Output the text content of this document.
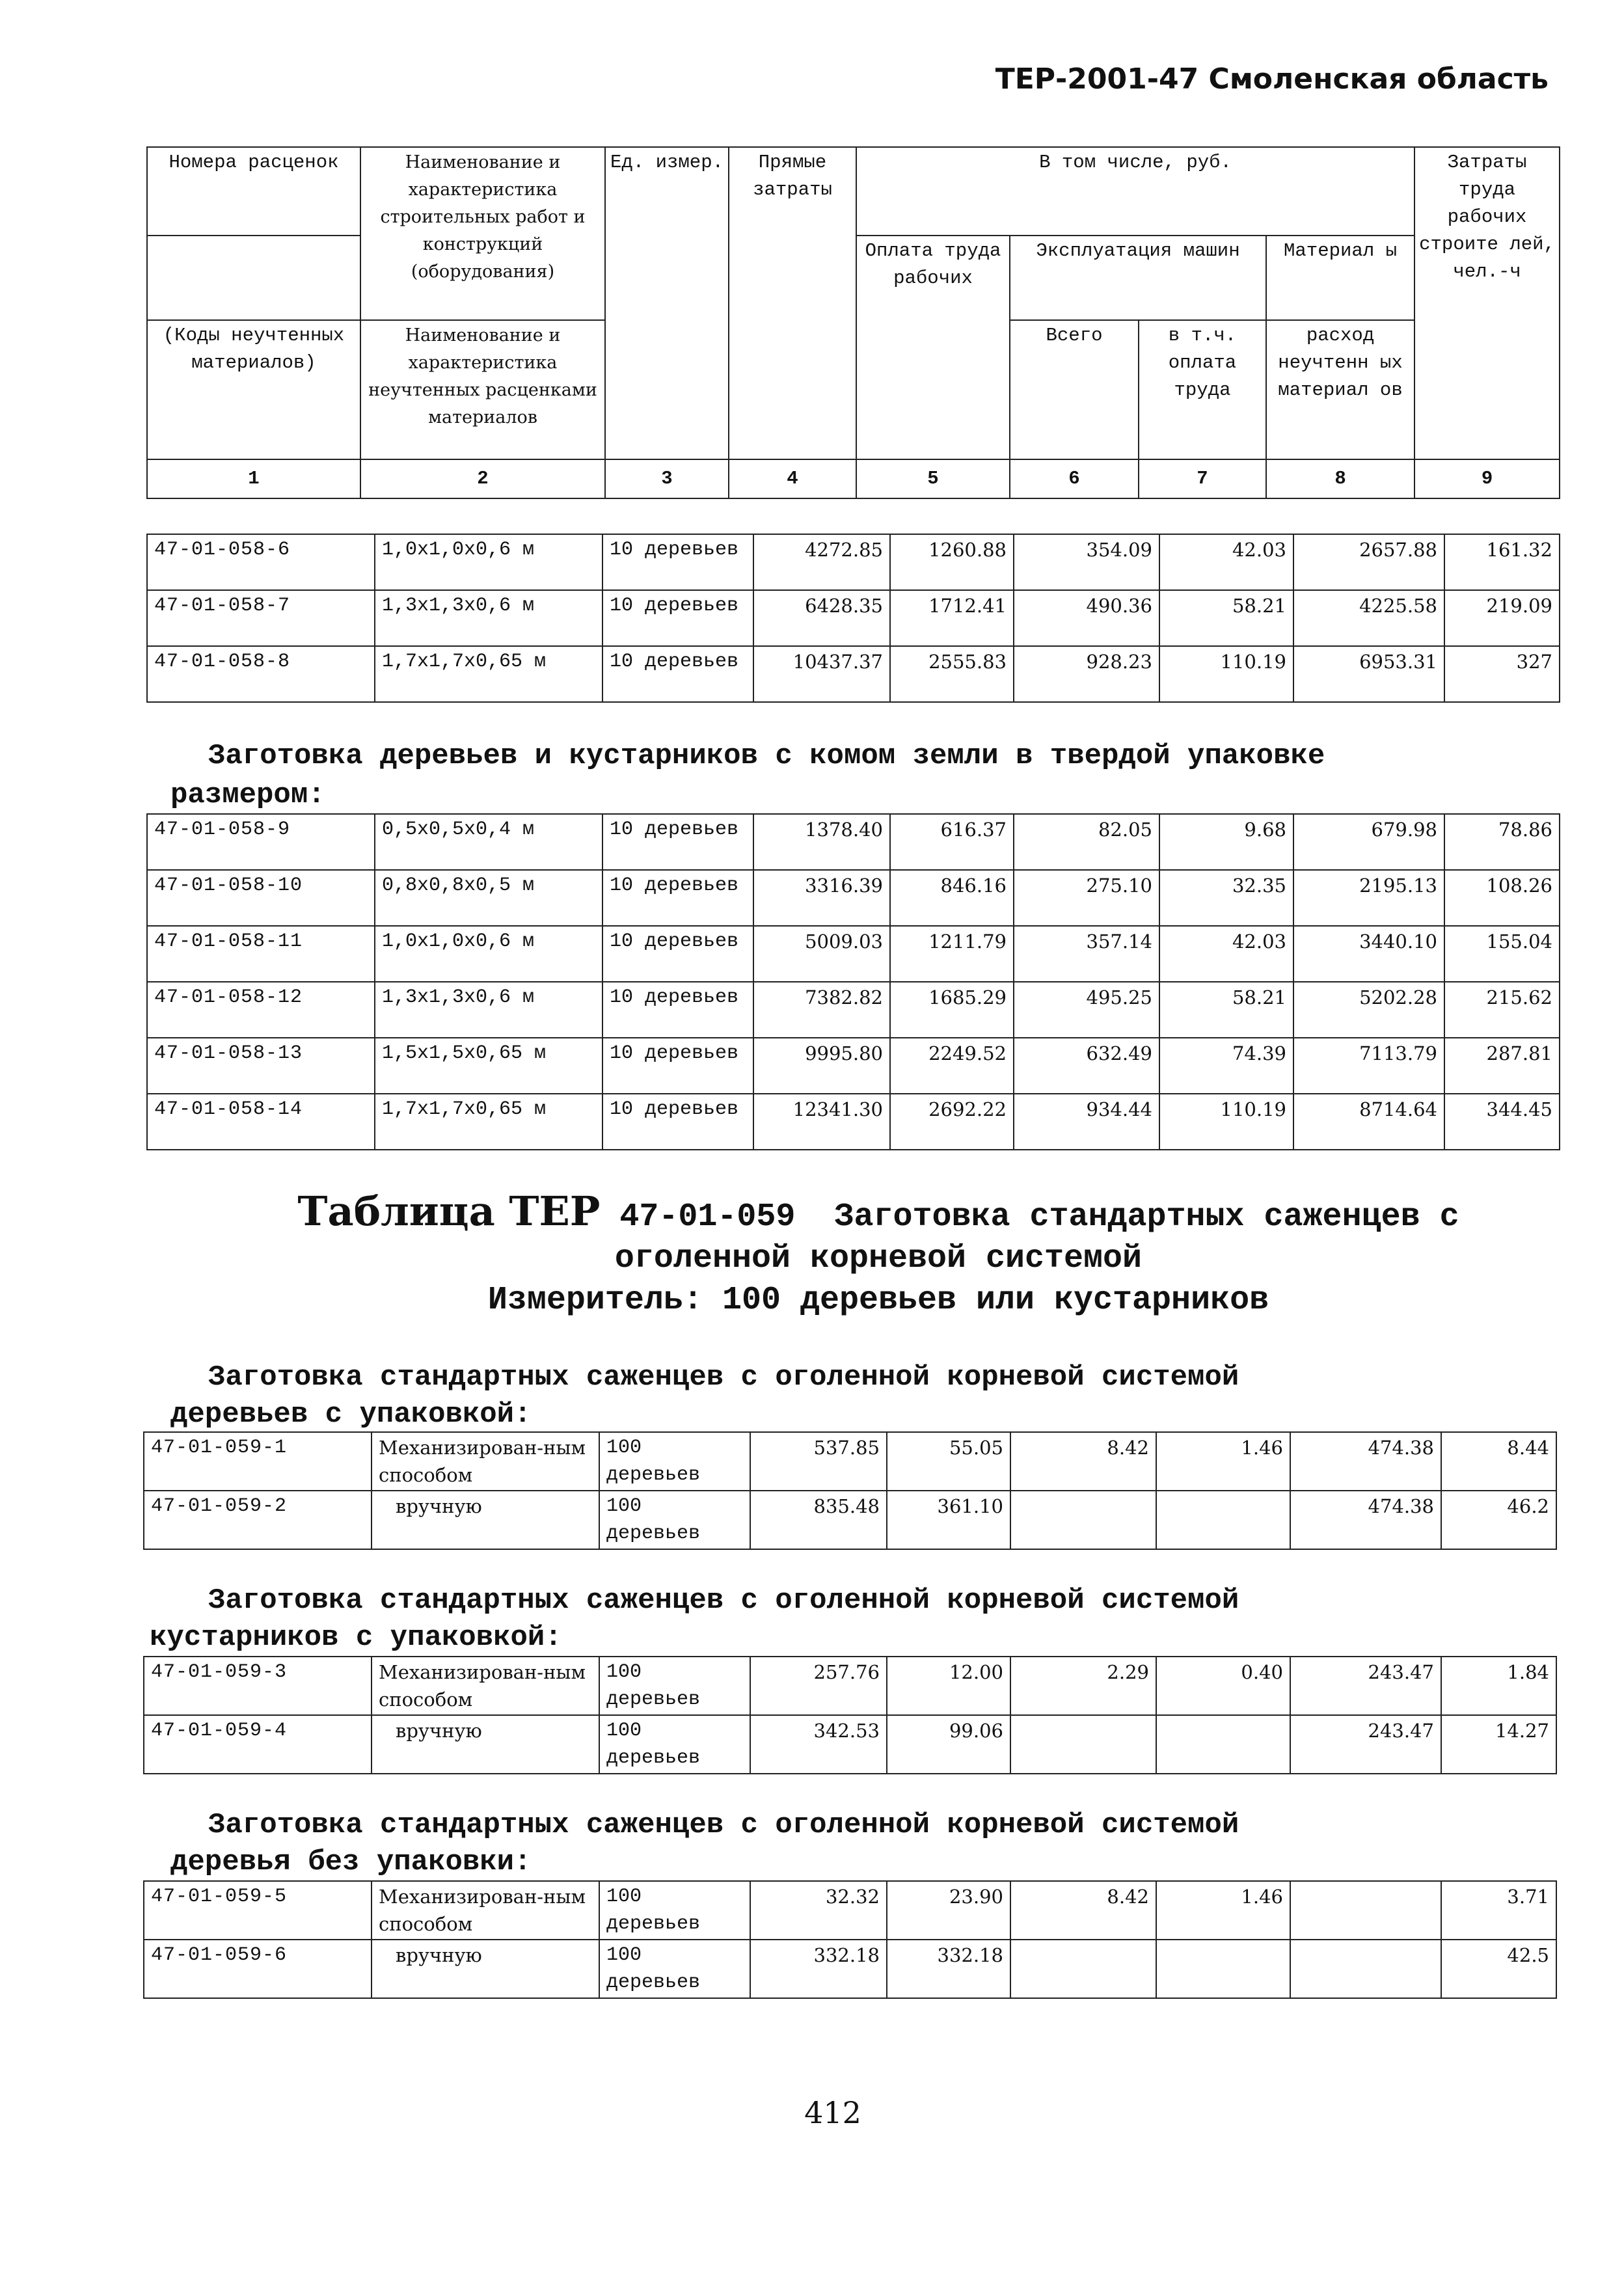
ТЕР-2001-47 Смоленская область
Номера расценок	Наименование и характеристика строительных работ и конструкций (оборудования)	Ед. измер.	Прямые затраты	В том числе, руб.				Затраты труда рабочих строите лей, чел.-ч
				Оплата труда рабочих	Эксплуатация машин		Материал ы	
(Коды неучтенных материалов)	Наименование и характеристика неучтенных расценками материалов				Всего	в т.ч. оплата труда	расход неучтенн ых материал ов	
1	2	3	4	5	6	7	8	9
47-01-058-6	1,0x1,0x0,6 м	10 деревьев	4272.85	1260.88	354.09	42.03	2657.88	161.32
47-01-058-7	1,3x1,3x0,6 м	10 деревьев	6428.35	1712.41	490.36	58.21	4225.58	219.09
47-01-058-8	1,7x1,7x0,65 м	10 деревьев	10437.37	2555.83	928.23	110.19	6953.31	327
Заготовка деревьев и кустарников с комом земли в твердой упаковке
размером:
47-01-058-9	0,5x0,5x0,4 м	10 деревьев	1378.40	616.37	82.05	9.68	679.98	78.86
47-01-058-10	0,8x0,8x0,5 м	10 деревьев	3316.39	846.16	275.10	32.35	2195.13	108.26
47-01-058-11	1,0x1,0x0,6 м	10 деревьев	5009.03	1211.79	357.14	42.03	3440.10	155.04
47-01-058-12	1,3x1,3x0,6 м	10 деревьев	7382.82	1685.29	495.25	58.21	5202.28	215.62
47-01-058-13	1,5x1,5x0,65 м	10 деревьев	9995.80	2249.52	632.49	74.39	7113.79	287.81
47-01-058-14	1,7x1,7x0,65 м	10 деревьев	12341.30	2692.22	934.44	110.19	8714.64	344.45
Таблица ТЕР 47-01-059 Заготовка стандартных саженцев с
оголенной корневой системой
Измеритель: 100 деревьев или кустарников
Заготовка стандартных саженцев с оголенной корневой системой
деревьев с упаковкой:
47-01-059-1	Механизирован-ным способом	100 деревьев	537.85	55.05	8.42	1.46	474.38	8.44
47-01-059-2	вручную	100 деревьев	835.48	361.10			474.38	46.2
Заготовка стандартных саженцев с оголенной корневой системой
кустарников с упаковкой:
47-01-059-3	Механизирован-ным способом	100 деревьев	257.76	12.00	2.29	0.40	243.47	1.84
47-01-059-4	вручную	100 деревьев	342.53	99.06			243.47	14.27
Заготовка стандартных саженцев с оголенной корневой системой
деревья без упаковки:
47-01-059-5	Механизирован-ным способом	100 деревьев	32.32	23.90	8.42	1.46		3.71
47-01-059-6	вручную	100 деревьев	332.18	332.18				42.5
412
